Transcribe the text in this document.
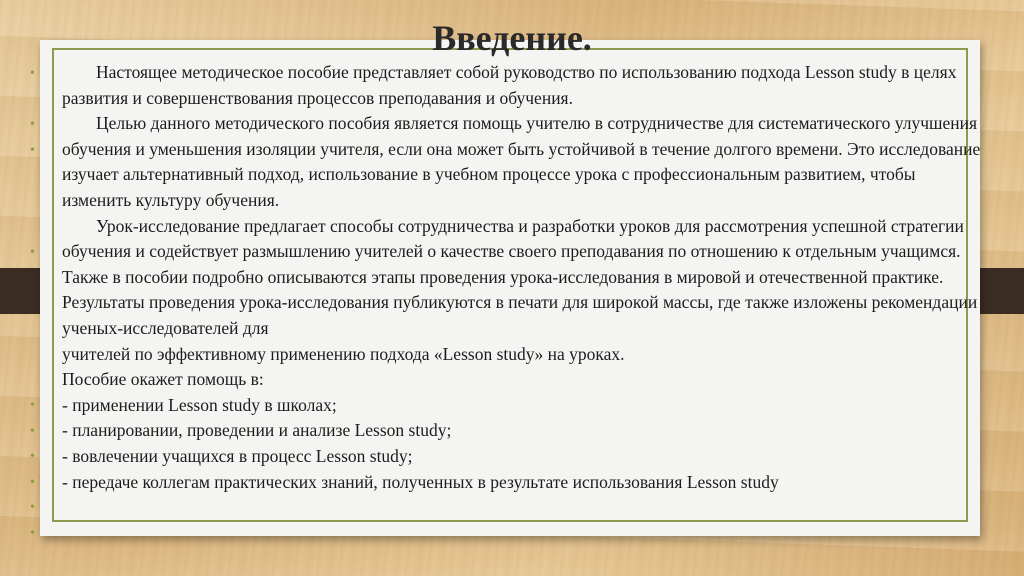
Введение.
•
•
•
•
•
•
•
•
•
•

Настоящее методическое пособие представляет собой руководство по использованию подхода Lesson study в целях развития и совершенствования процессов преподавания и обучения.

Целью данного методического пособия является помощь учителю в сотрудничестве для систематического улучшения обучения и уменьшения изоляции учителя, если она может быть устойчивой в течение долгого времени. Это исследование изучает альтернативный подход, использование в учебном процессе урока с профессиональным развитием, чтобы изменить культуру обучения.

Урок-исследование предлагает способы сотрудничества и разработки уроков для рассмотрения успешной стратегии обучения и содействует размышлению учителей о качестве своего преподавания по отношению к отдельным учащимся. Также в пособии подробно описываются этапы проведения урока-исследования в мировой и отечественной практике. Результаты проведения урока-исследования публикуются в печати для широкой массы, где также изложены рекомендации ученых-исследователей для

учителей по эффективному применению подхода «Lesson study» на уроках.

Пособие окажет помощь в:

- применении Lesson study в школах;

- планировании, проведении и анализе Lesson study;

- вовлечении учащихся в процесс Lesson study;

- передаче коллегам практических знаний, полученных в результате использования Lesson study
